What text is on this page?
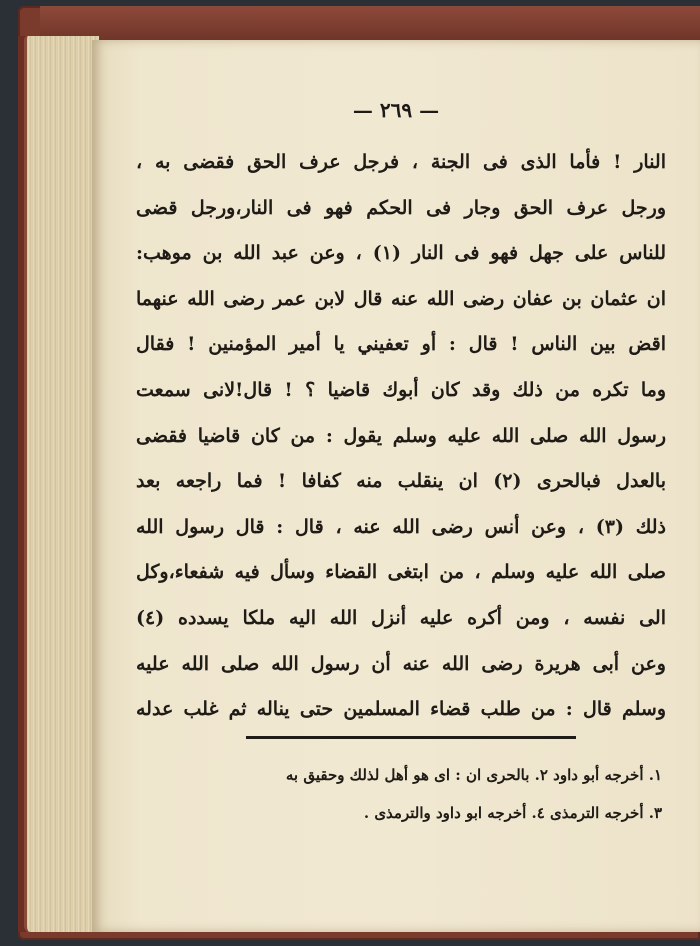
— ٢٦٩ —
النار ! فأما الذى فى الجنة ، فرجل عرف الحق فقضى به ،
ورجل عرف الحق وجار فى الحكم فهو فى النار،ورجل قضى
للناس على جهل فهو فى النار (١) ، وعن عبد الله بن موهب:
ان عثمان بن عفان رضى الله عنه قال لابن عمر رضى الله عنهما
اقض بين الناس ! قال : أو تعفيني يا أمير المؤمنين ! فقال
وما تكره من ذلك وقد كان أبوك قاضيا ؟ ! قال!لانى سمعت
رسول الله صلى الله عليه وسلم يقول : من كان قاضيا فقضى
بالعدل فبالحرى (٢) ان ينقلب منه كفافا ! فما راجعه بعد
ذلك (٣) ، وعن أنس رضى الله عنه ، قال : قال رسول الله
صلى الله عليه وسلم ، من ابتغى القضاء وسأل فيه شفعاء،وكل
الى نفسه ، ومن أكره عليه أنزل الله اليه ملكا يسدده (٤)
وعن أبى هريرة رضى الله عنه أن رسول الله صلى الله عليه
وسلم قال : من طلب قضاء المسلمين حتى يناله ثم غلب عدله
١. أخرجه أبو داود ٢. بالحرى ان : اى هو أهل لذلك وحقيق به
٣. أخرجه الترمذى ٤. أخرجه ابو داود والترمذى .
